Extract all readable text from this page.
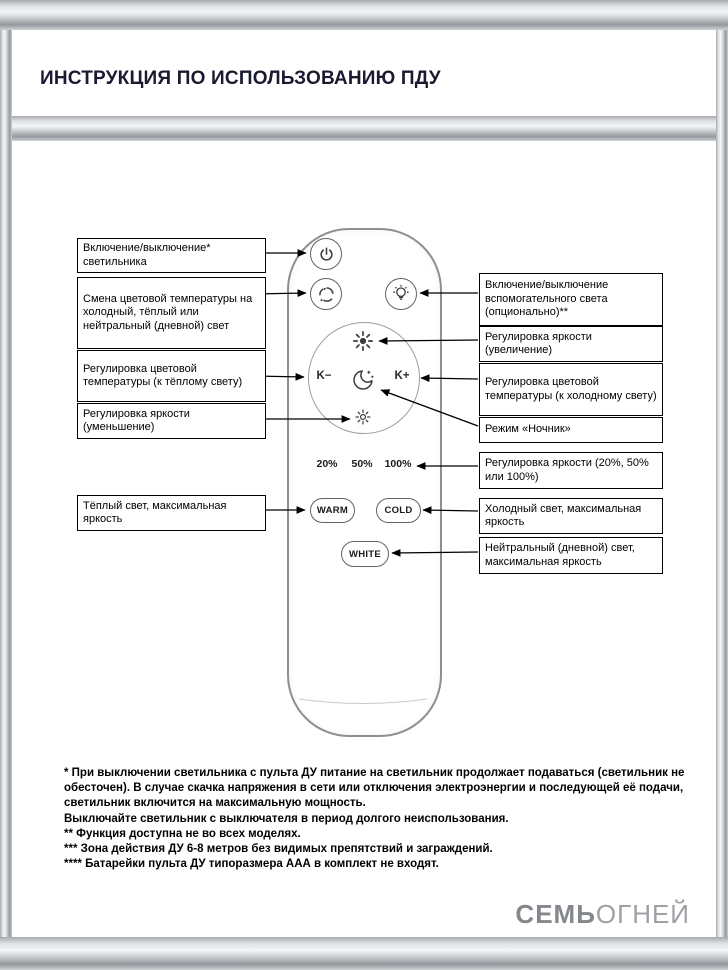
ИНСТРУКЦИЯ ПО ИСПОЛЬЗОВАНИЮ ПДУ
K−	K+
20%	50%	100%
WARM	COLD
WHITE
Включение/выключение* светильника
Смена цветовой температуры на холодный, тёплый или нейтральный (дневной) свет
Регулировка цветовой температуры (к тёплому свету)
Регулировка яркости (уменьшение)
Тёплый свет, максимальная яркость
Включение/выключение вспомогательного света (опционально)**
Регулировка яркости (увеличение)
Регулировка цветовой температуры (к холодному свету)
Режим «Ночник»
Регулировка яркости (20%, 50% или 100%)
Холодный свет, максимальная яркость
Нейтральный (дневной) свет, максимальная яркость

* При выключении светильника с пульта ДУ питание на светильник продолжает подаваться (светильник не обесточен). В случае скачка напряжения в сети или отключения электроэнергии и последующей её подачи, светильник включится на максимальную мощность.

Выключайте светильник с выключателя в период долгого неиспользования.

** Функция доступна не во всех моделях.

*** Зона действия ДУ 6-8 метров без видимых препятствий и заграждений.

**** Батарейки пульта ДУ типоразмера ААА в комплект не входят.

СЕМЬОГНЕЙ
